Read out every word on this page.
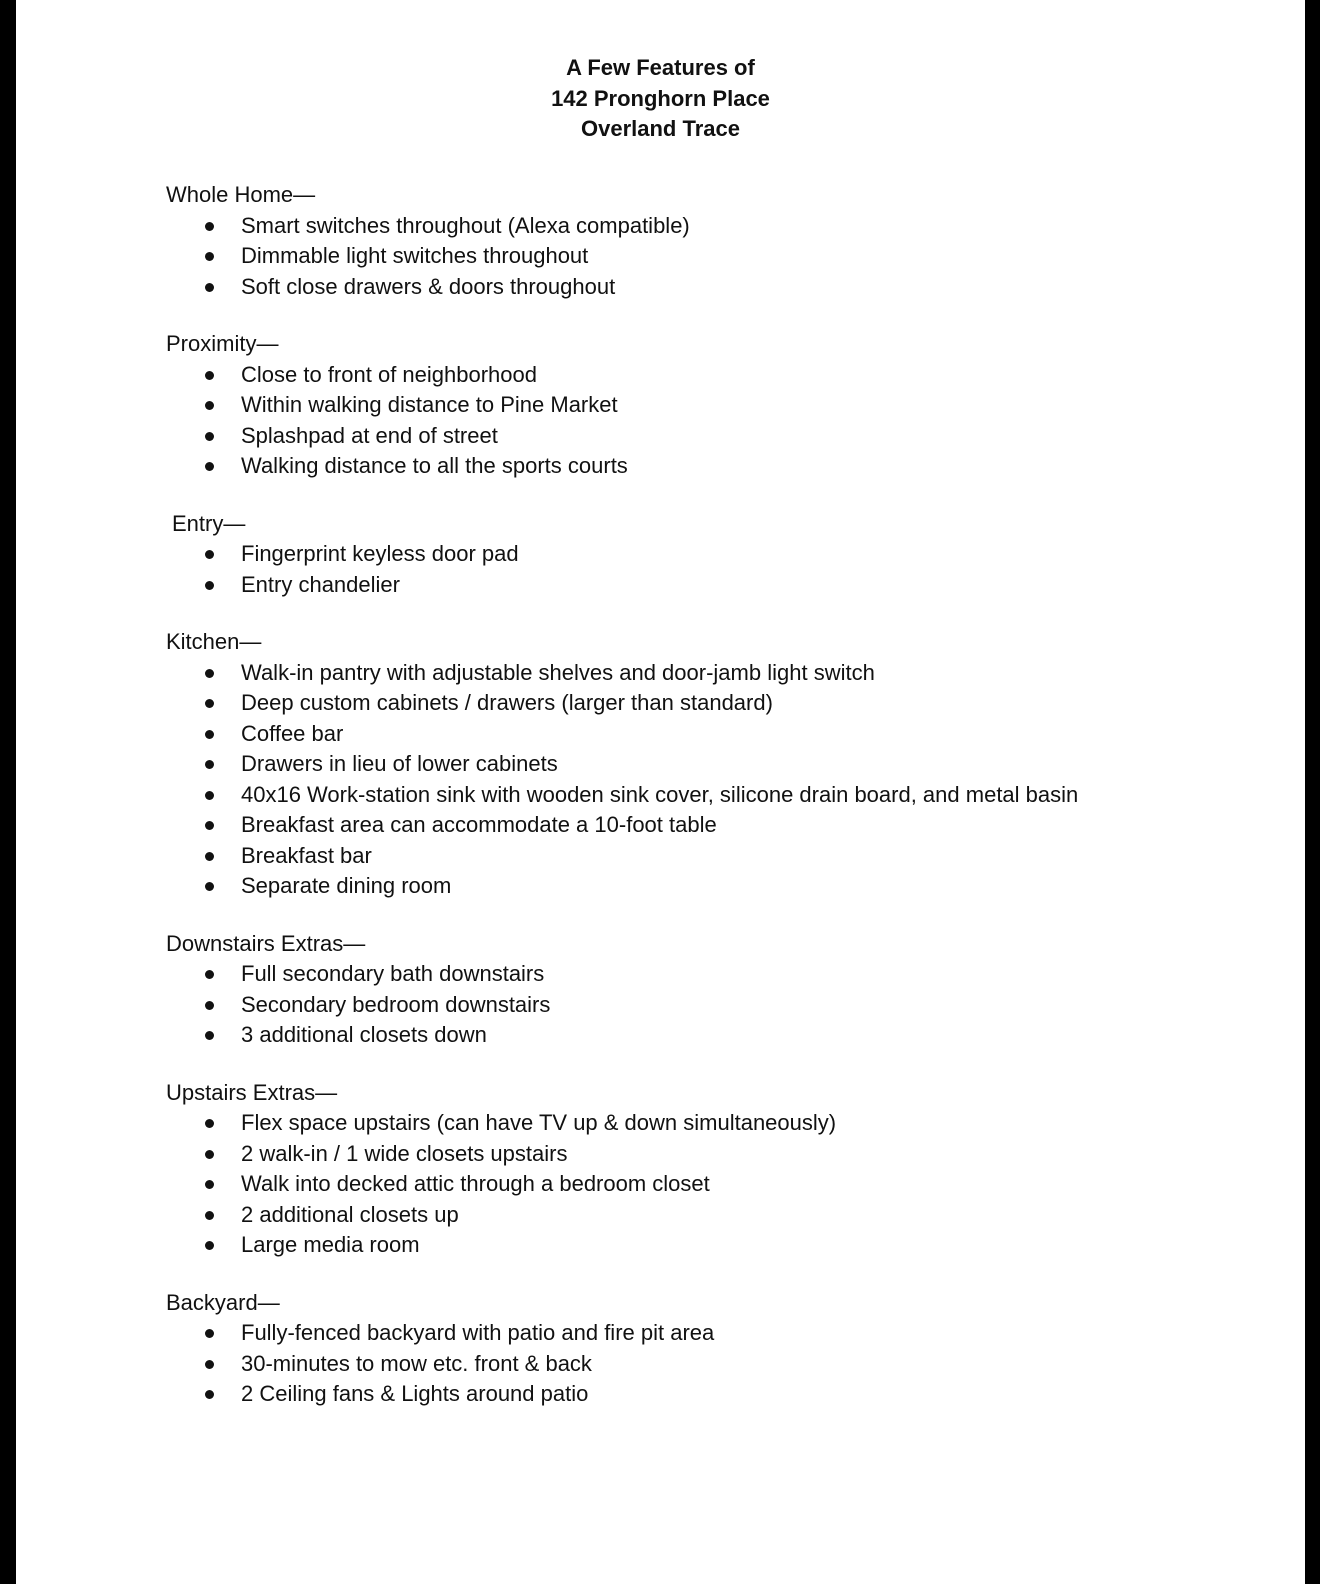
A Few Features of
142 Pronghorn Place
Overland Trace
Whole Home—
Smart switches throughout (Alexa compatible)
Dimmable light switches throughout
Soft close drawers & doors throughout
Proximity—
Close to front of neighborhood
Within walking distance to Pine Market
Splashpad at end of street
Walking distance to all the sports courts
Entry—
Fingerprint keyless door pad
Entry chandelier
Kitchen—
Walk-in pantry with adjustable shelves and door-jamb light switch
Deep custom cabinets / drawers (larger than standard)
Coffee bar
Drawers in lieu of lower cabinets
40x16 Work-station sink with wooden sink cover, silicone drain board, and metal basin
Breakfast area can accommodate a 10-foot table
Breakfast bar
Separate dining room
Downstairs Extras—
Full secondary bath downstairs
Secondary bedroom downstairs
3 additional closets down
Upstairs Extras—
Flex space upstairs (can have TV up & down simultaneously)
2 walk-in / 1 wide closets upstairs
Walk into decked attic through a bedroom closet
2 additional closets up
Large media room
Backyard—
Fully-fenced backyard with patio and fire pit area
30-minutes to mow etc. front & back
2 Ceiling fans & Lights around patio
